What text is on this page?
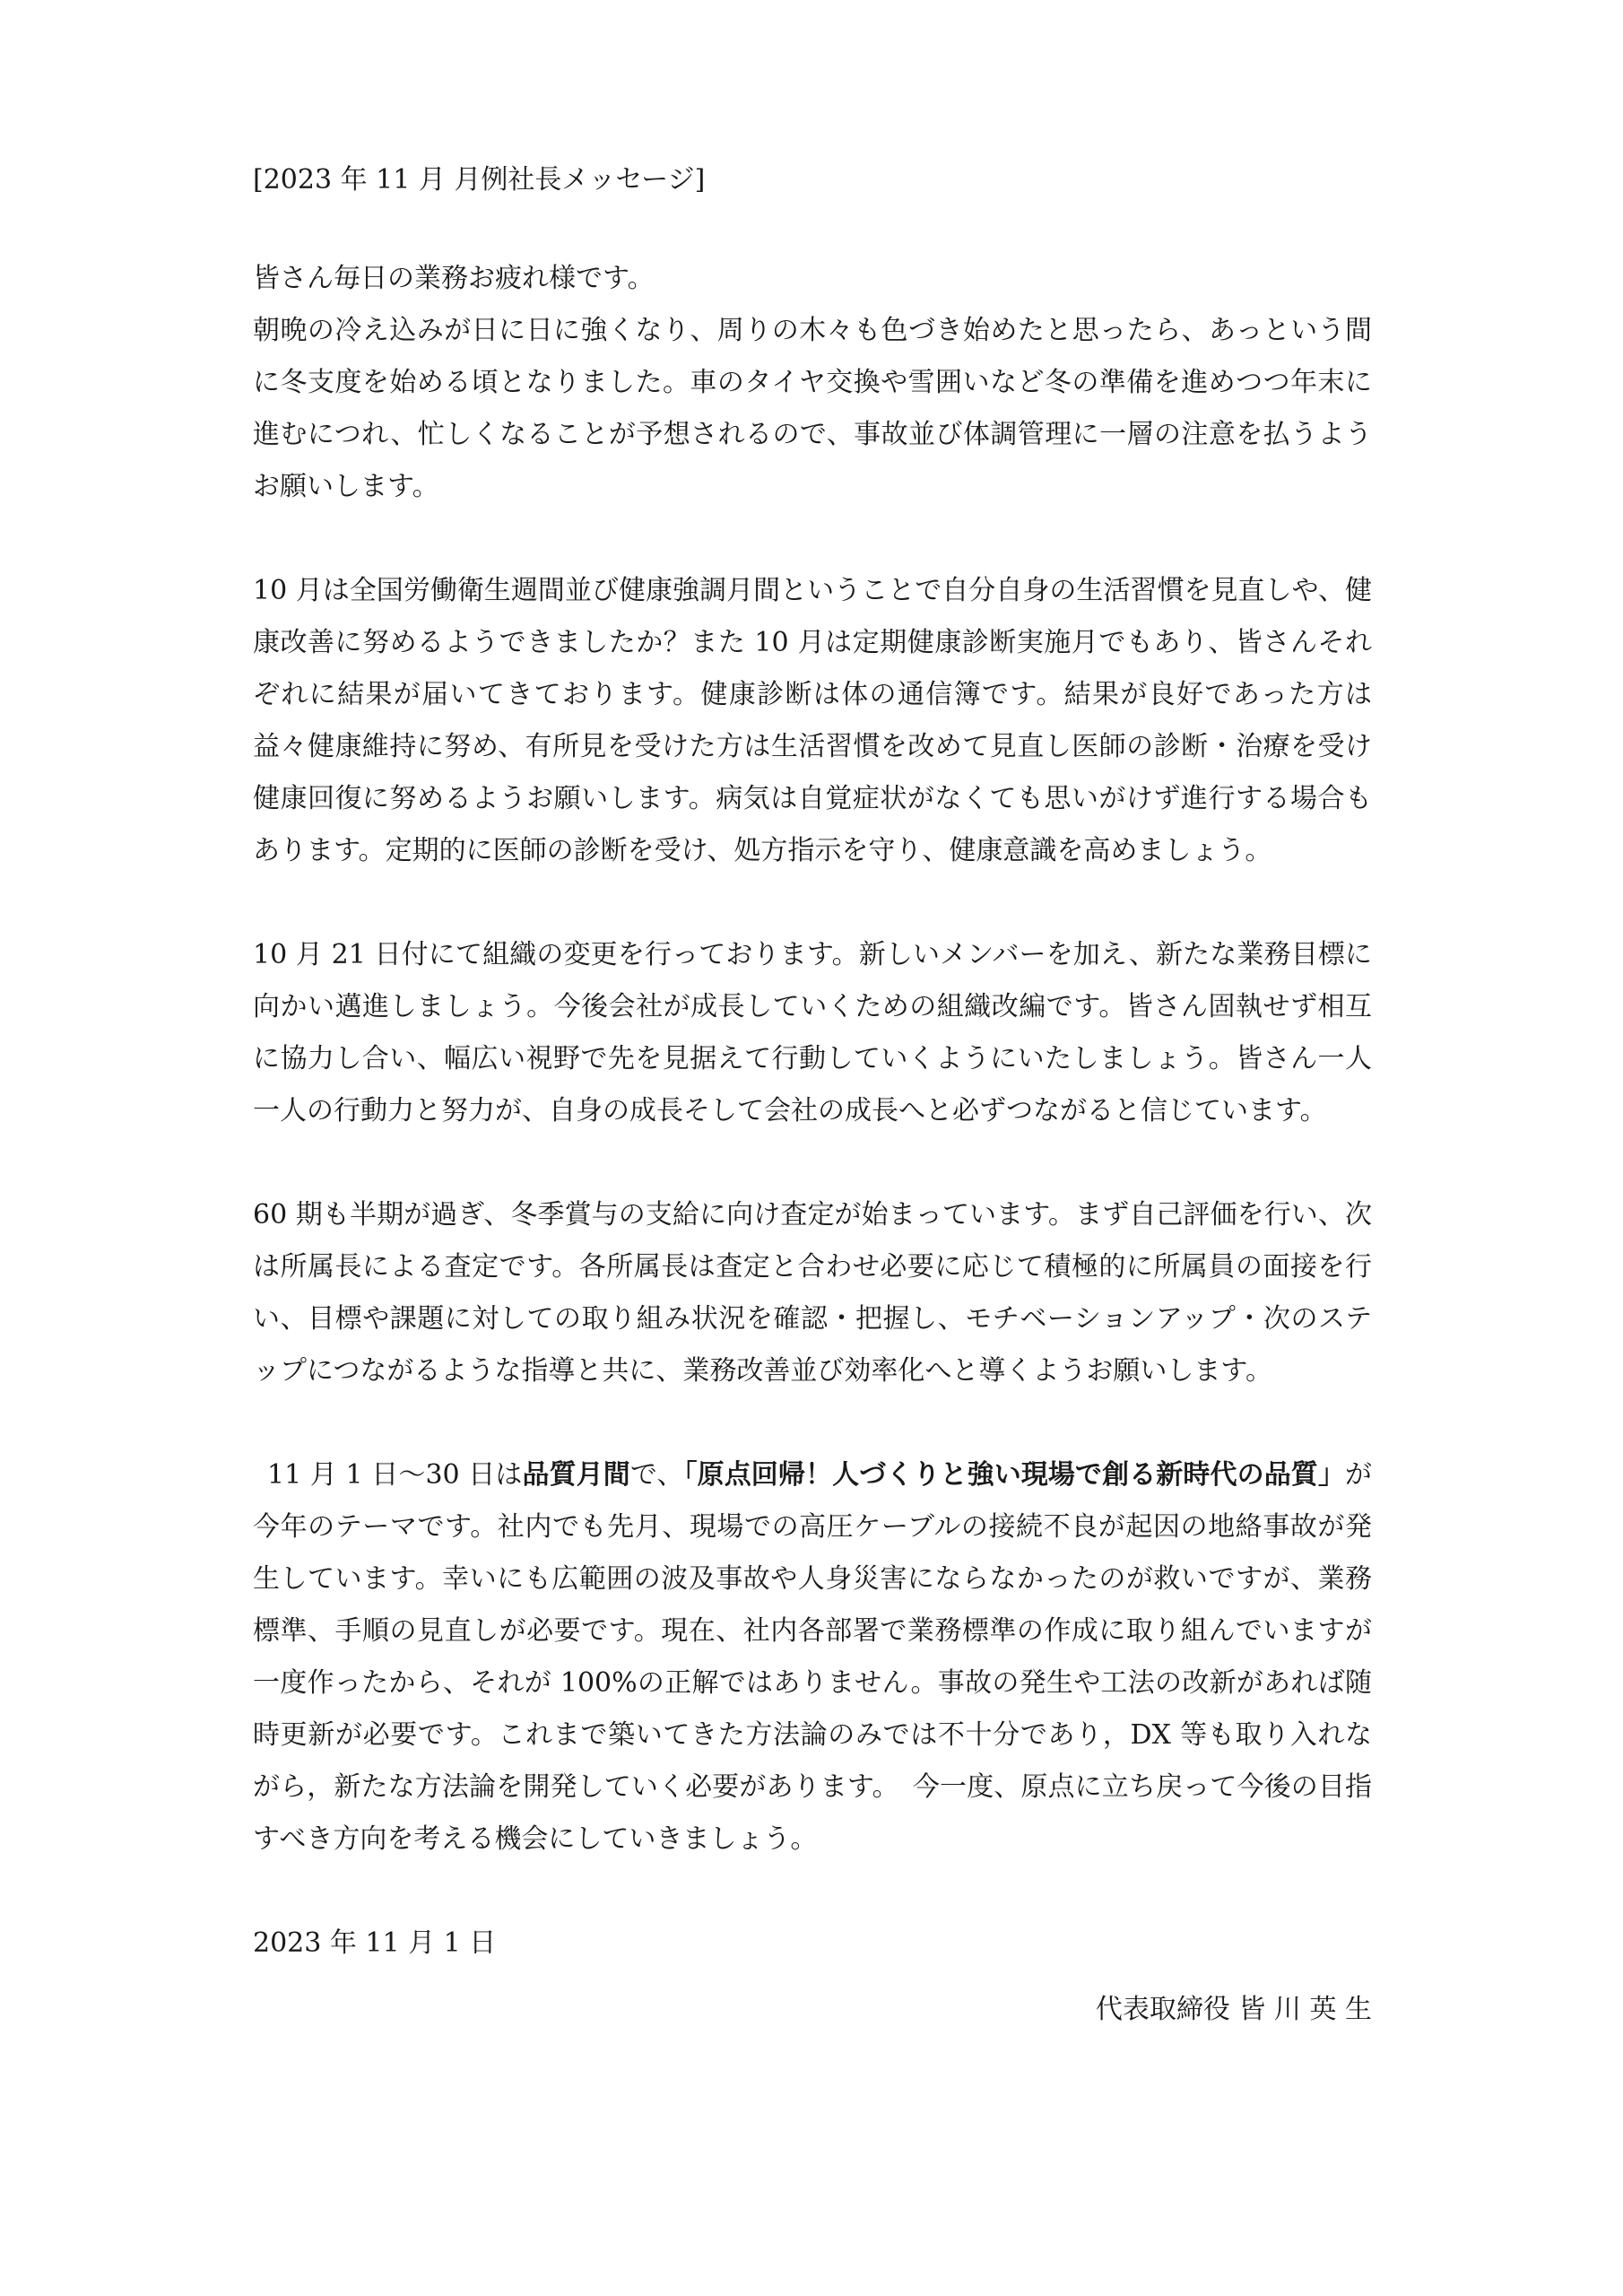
[2023 年 11 月 月例社長メッセージ]
皆さん毎日の業務お疲れ様です。
朝晩の冷え込みが日に日に強くなり、周りの木々も色づき始めたと思ったら、あっという間に冬支度を始める頃となりました。車のタイヤ交換や雪囲いなど冬の準備を進めつつ年末に進むにつれ、忙しくなることが予想されるので、事故並び体調管理に一層の注意を払うようお願いします。
10 月は全国労働衛生週間並び健康強調月間ということで自分自身の生活習慣を見直しや、健康改善に努めるようできましたか？また 10 月は定期健康診断実施月でもあり、皆さんそれぞれに結果が届いてきております。健康診断は体の通信簿です。結果が良好であった方は益々健康維持に努め、有所見を受けた方は生活習慣を改めて見直し医師の診断・治療を受け健康回復に努めるようお願いします。病気は自覚症状がなくても思いがけず進行する場合もあります。定期的に医師の診断を受け、処方指示を守り、健康意識を高めましょう。
10 月 21 日付にて組織の変更を行っております。新しいメンバーを加え、新たな業務目標に向かい邁進しましょう。今後会社が成長していくための組織改編です。皆さん固執せず相互に協力し合い、幅広い視野で先を見据えて行動していくようにいたしましょう。皆さん一人一人の行動力と努力が、自身の成長そして会社の成長へと必ずつながると信じています。
60 期も半期が過ぎ、冬季賞与の支給に向け査定が始まっています。まず自己評価を行い、次は所属長による査定です。各所属長は査定と合わせ必要に応じて積極的に所属員の面接を行い、目標や課題に対しての取り組み状況を確認・把握し、モチベーションアップ・次のステップにつながるような指導と共に、業務改善並び効率化へと導くようお願いします。
11 月 1 日〜30 日は品質月間で、「原点回帰！人づくりと強い現場で創る新時代の品質」が今年のテーマです。社内でも先月、現場での高圧ケーブルの接続不良が起因の地絡事故が発生しています。幸いにも広範囲の波及事故や人身災害にならなかったのが救いですが、業務標準、手順の見直しが必要です。現在、社内各部署で業務標準の作成に取り組んでいますが一度作ったから、それが 100%の正解ではありません。事故の発生や工法の改新があれば随時更新が必要です。これまで築いてきた方法論のみでは不十分であり，DX 等も取り入れながら，新たな方法論を開発していく必要があります。　今一度、原点に立ち戻って今後の目指すべき方向を考える機会にしていきましょう。
2023 年 11 月 1 日
代表取締役 皆 川 英 生
